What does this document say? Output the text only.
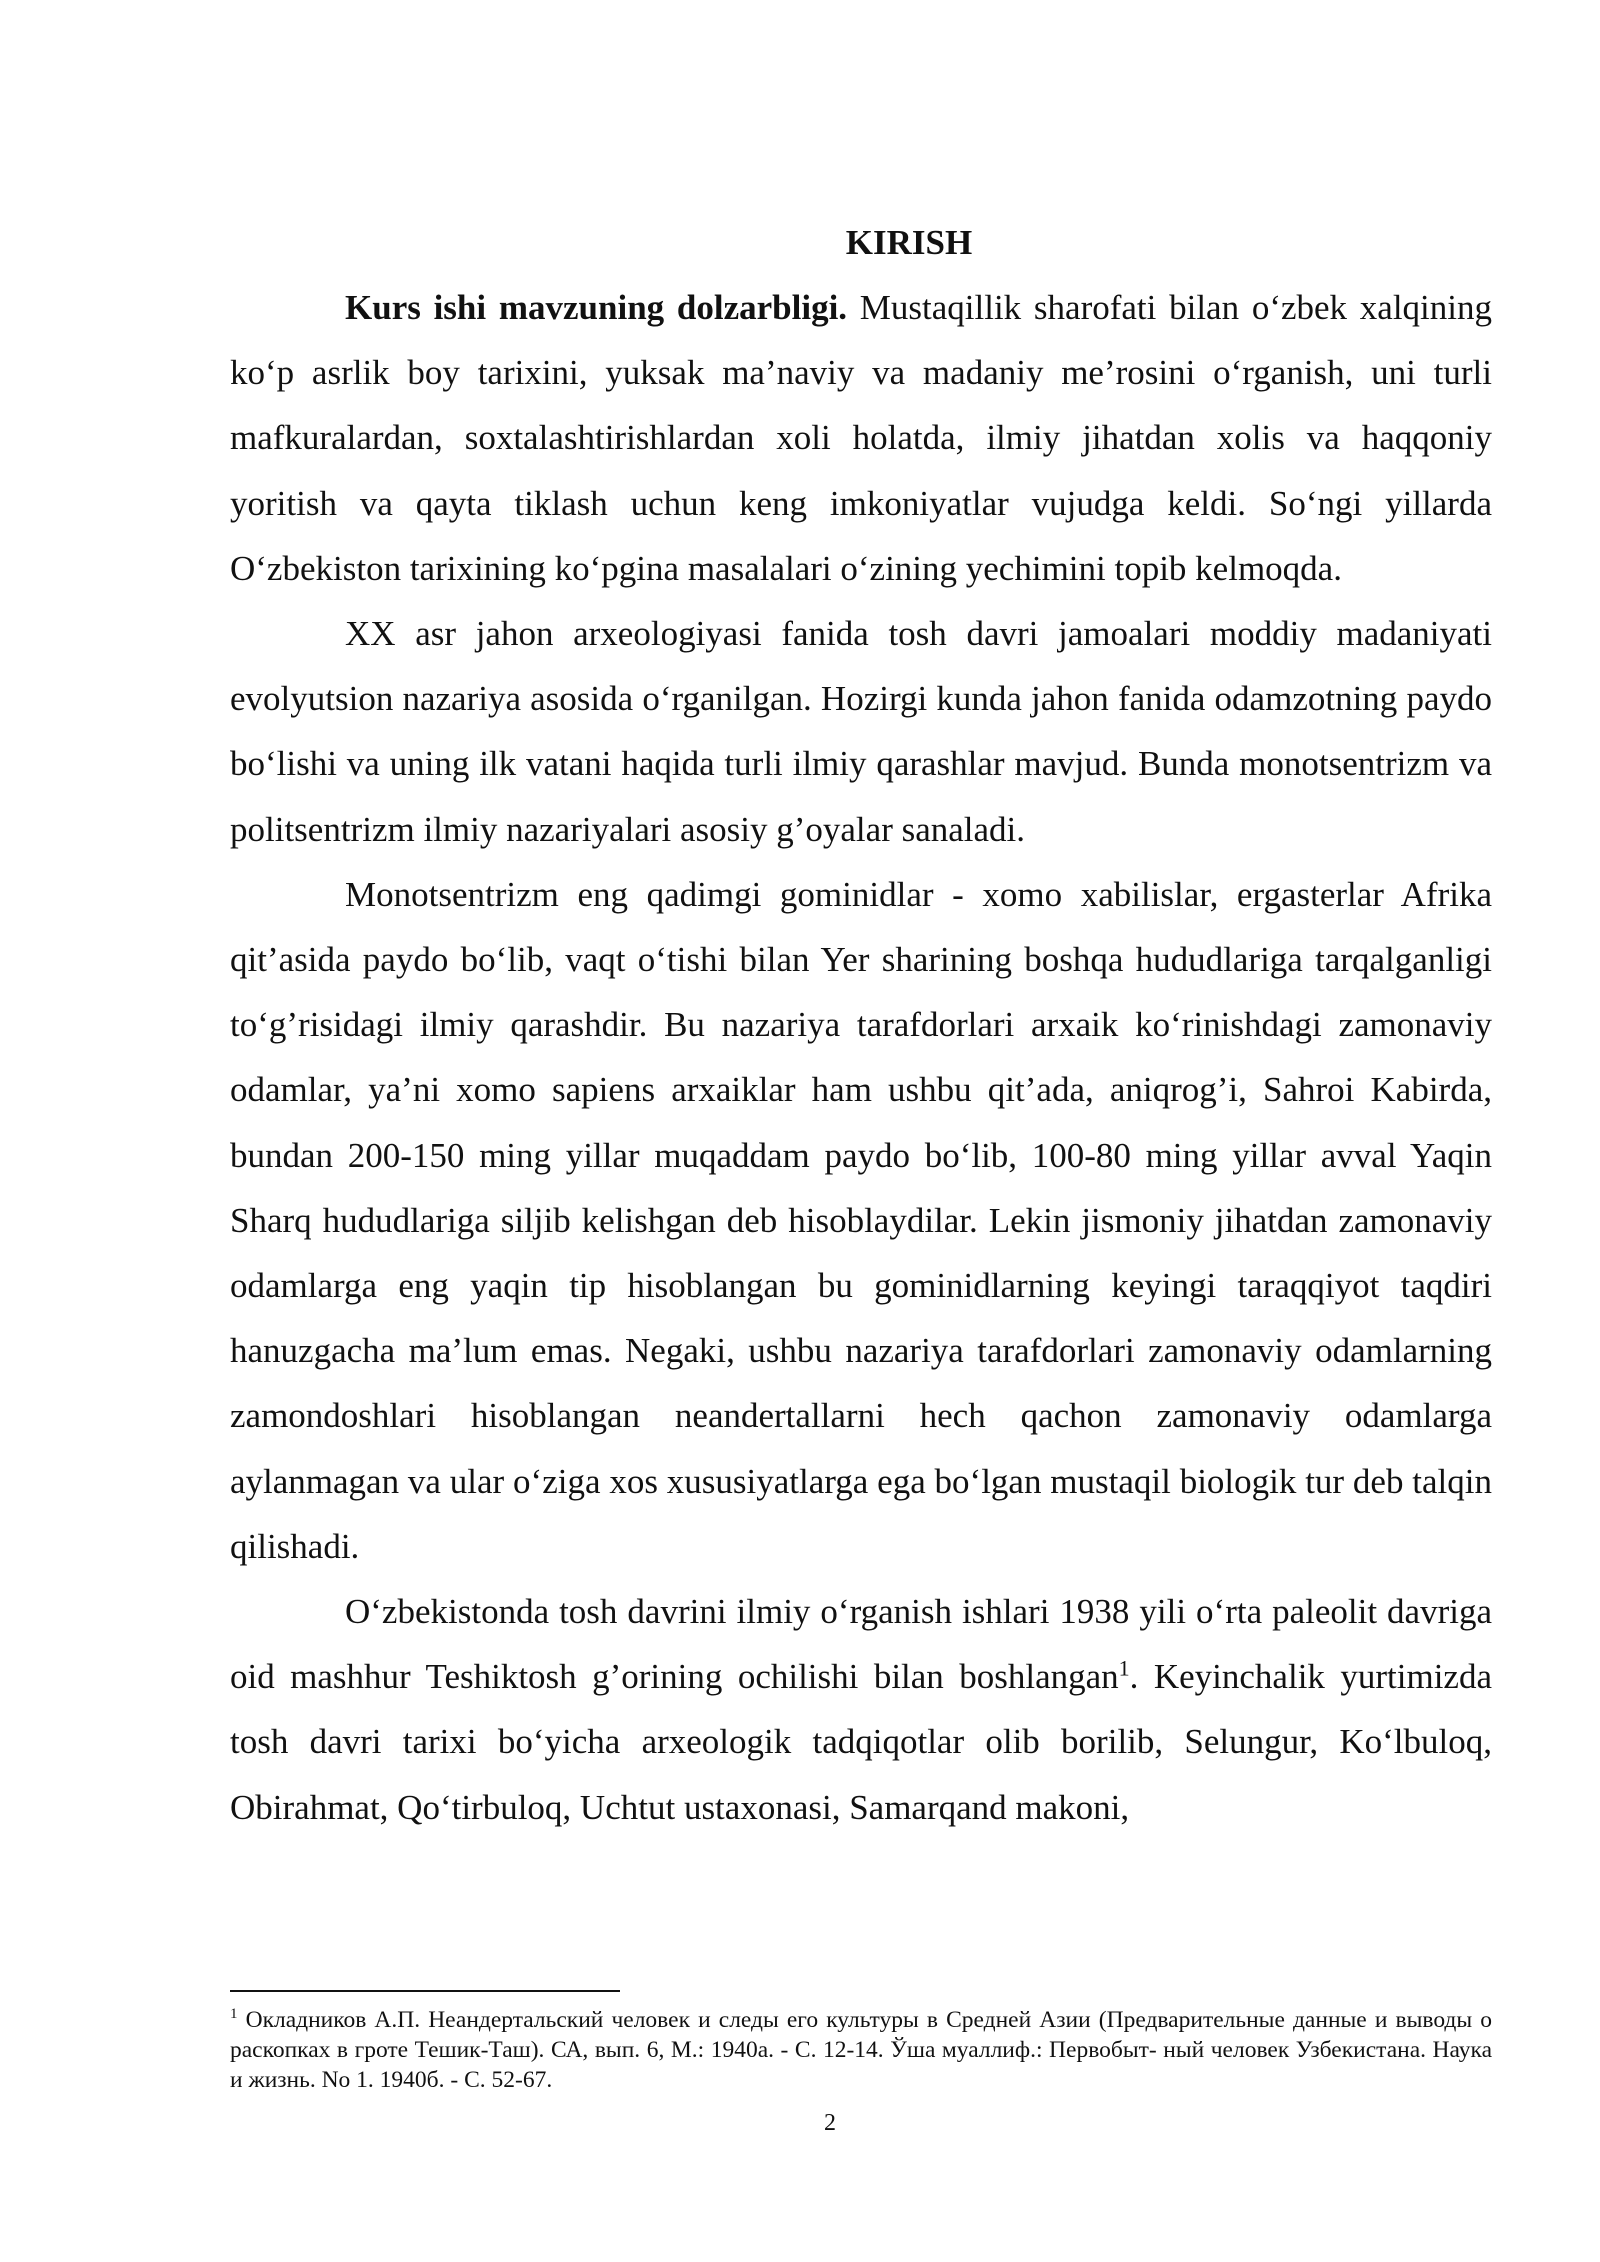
KIRISH

Kurs ishi mavzuning dolzarbligi. Mustaqillik sharofati bilan o‘zbek xalqining ko‘p asrlik boy tarixini, yuksak ma’naviy va madaniy me’rosini o‘rganish, uni turli mafkuralardan, soxtalashtirishlardan xoli holatda, ilmiy jihatdan xolis va haqqoniy yoritish va qayta tiklash uchun keng imkoniyatlar vujudga keldi. So‘ngi yillarda O‘zbekiston tarixining ko‘pgina masalalari o‘zining yechimini topib kelmoqda.

XX asr jahon arxeologiyasi fanida tosh davri jamoalari moddiy madaniyati evolyutsion nazariya asosida o‘rganilgan. Hozirgi kunda jahon fanida odamzotning paydo bo‘lishi va uning ilk vatani haqida turli ilmiy qarashlar mavjud. Bunda monotsentrizm va politsentrizm ilmiy nazariyalari asosiy g’oyalar sanaladi.

Monotsentrizm eng qadimgi gominidlar - xomo xabilislar, ergasterlar Afrika qit’asida paydo bo‘lib, vaqt o‘tishi bilan Yer sharining boshqa hududlariga tarqalganligi to‘g’risidagi ilmiy qarashdir. Bu nazariya tarafdorlari arxaik ko‘rinishdagi zamonaviy odamlar, ya’ni xomo sapiens arxaiklar ham ushbu qit’ada, aniqrog’i, Sahroi Kabirda, bundan 200-150 ming yillar muqaddam paydo bo‘lib, 100-80 ming yillar avval Yaqin Sharq hududlariga siljib kelishgan deb hisoblaydilar. Lekin jismoniy jihatdan zamonaviy odamlarga eng yaqin tip hisoblangan bu gominidlarning keyingi taraqqiyot taqdiri hanuzgacha ma’lum emas. Negaki, ushbu nazariya tarafdorlari zamonaviy odamlarning zamondoshlari hisoblangan neandertallarni hech qachon zamonaviy odamlarga aylanmagan va ular o‘ziga xos xususiyatlarga ega bo‘lgan mustaqil biologik tur deb talqin qilishadi.

O‘zbekistonda tosh davrini ilmiy o‘rganish ishlari 1938 yili o‘rta paleolit davriga oid mashhur Teshiktosh g’orining ochilishi bilan boshlangan$^1$. Keyinchalik yurtimizda tosh davri tarixi bo‘yicha arxeologik tadqiqotlar olib borilib, Selungur, Ko‘lbuloq, Obirahmat, Qo‘tirbuloq, Uchtut ustaxonasi, Samarqand makoni,

$^1$ Окладников А.П. Неандертальский человек и следы его культуры в Средней Азии (Предварительные данные и выводы о раскопках в гроте Тешик-Таш). СА, вып. 6, М.: 1940а. - С. 12-14. Ўша муаллиф.: Первобыт- ный человек Узбекистана. Наука и жизнь. No 1. 1940б. - С. 52-67.

2
